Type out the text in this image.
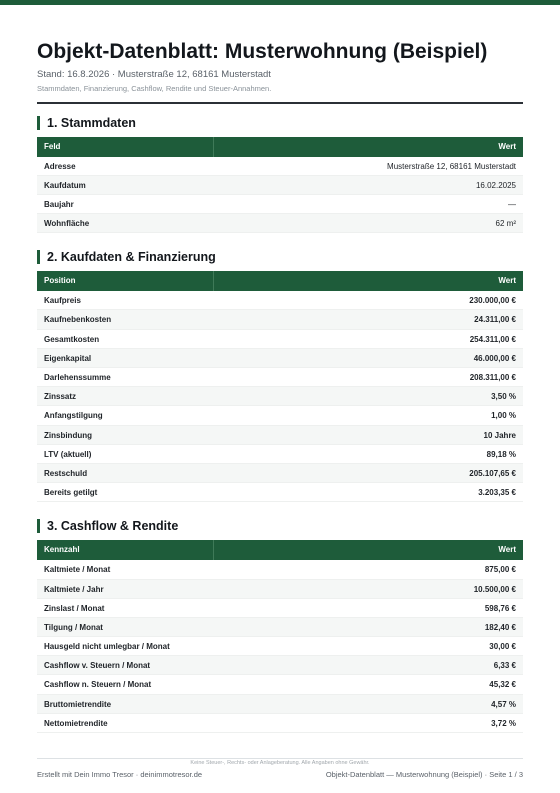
Objekt-Datenblatt: Musterwohnung (Beispiel)
Stand: 16.8.2026 · Musterstraße 12, 68161 Musterstadt
Stammdaten, Finanzierung, Cashflow, Rendite und Steuer-Annahmen.
1. Stammdaten
Feld	Wert
Adresse	Musterstraße 12, 68161 Musterstadt
Kaufdatum	16.02.2025
Baujahr	—
Wohnfläche	62 m²
2. Kaufdaten & Finanzierung
Position	Wert
Kaufpreis	230.000,00 €
Kaufnebenkosten	24.311,00 €
Gesamtkosten	254.311,00 €
Eigenkapital	46.000,00 €
Darlehenssumme	208.311,00 €
Zinssatz	3,50 %
Anfangstilgung	1,00 %
Zinsbindung	10 Jahre
LTV (aktuell)	89,18 %
Restschuld	205.107,65 €
Bereits getilgt	3.203,35 €
3. Cashflow & Rendite
Kennzahl	Wert
Kaltmiete / Monat	875,00 €
Kaltmiete / Jahr	10.500,00 €
Zinslast / Monat	598,76 €
Tilgung / Monat	182,40 €
Hausgeld nicht umlegbar / Monat	30,00 €
Cashflow v. Steuern / Monat	6,33 €
Cashflow n. Steuern / Monat	45,32 €
Bruttomietrendite	4,57 %
Nettomietrendite	3,72 %
Keine Steuer-, Rechts- oder Anlageberatung. Alle Angaben ohne Gewähr.
Erstellt mit Dein Immo Tresor · deinimmotresor.de	Objekt-Datenblatt — Musterwohnung (Beispiel) · Seite 1 / 3
